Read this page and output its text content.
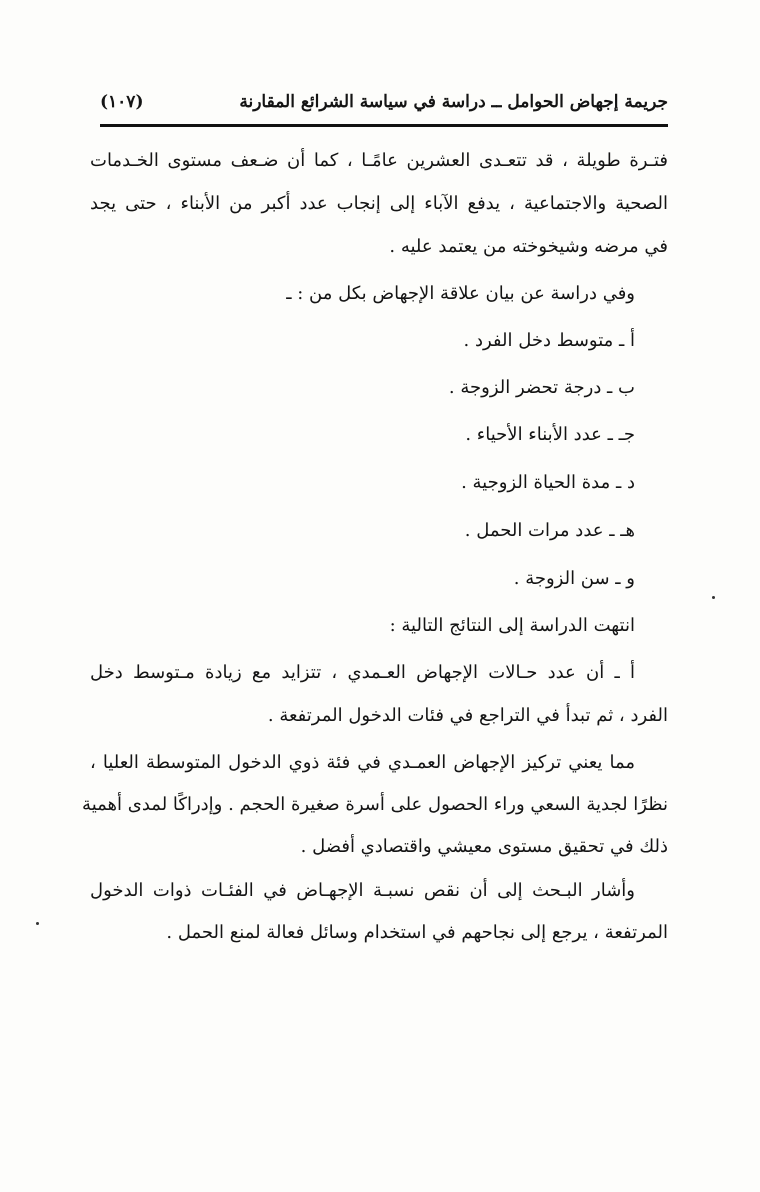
جريمة إجهاض الحوامل ــ دراسة في سياسة الشرائع المقارنة
(١٠٧)
فتـرة طويلة ، قد تتعـدى العشرين عامًـا ، كما أن ضـعف مستوى الخـدمات
الصحية والاجتماعية ، يدفع الآباء إلى إنجاب عدد أكبر من الأبناء ، حتى يجد
في مرضه وشيخوخته من يعتمد عليه .
وفي دراسة عن بيان علاقة الإجهاض بكل من : ـ
أ ـ متوسط دخل الفرد .
ب ـ درجة تحضر الزوجة .
جـ ـ عدد الأبناء الأحياء .
د ـ مدة الحياة الزوجية .
هـ ـ عدد مرات الحمل .
و ـ سن الزوجة .
انتهت الدراسة إلى النتائج التالية :
أ ـ أن عدد حـالات الإجهاض العـمدي ، تتزايد مع زيادة مـتوسط دخل
الفرد ، ثم تبدأ في التراجع في فئات الدخول المرتفعة .
مما يعني تركيز الإجهاض العمـدي في فئة ذوي الدخول المتوسطة العليا ،
نظرًا لجدية السعي وراء الحصول على أسرة صغيرة الحجم . وإدراكًا لمدى أهمية
ذلك في تحقيق مستوى معيشي واقتصادي أفضل .
وأشار البـحث إلى أن نقص نسبـة الإجهـاض في الفئـات ذوات الدخول
المرتفعة ، يرجع إلى نجاحهم في استخدام وسائل فعالة لمنع الحمل .
